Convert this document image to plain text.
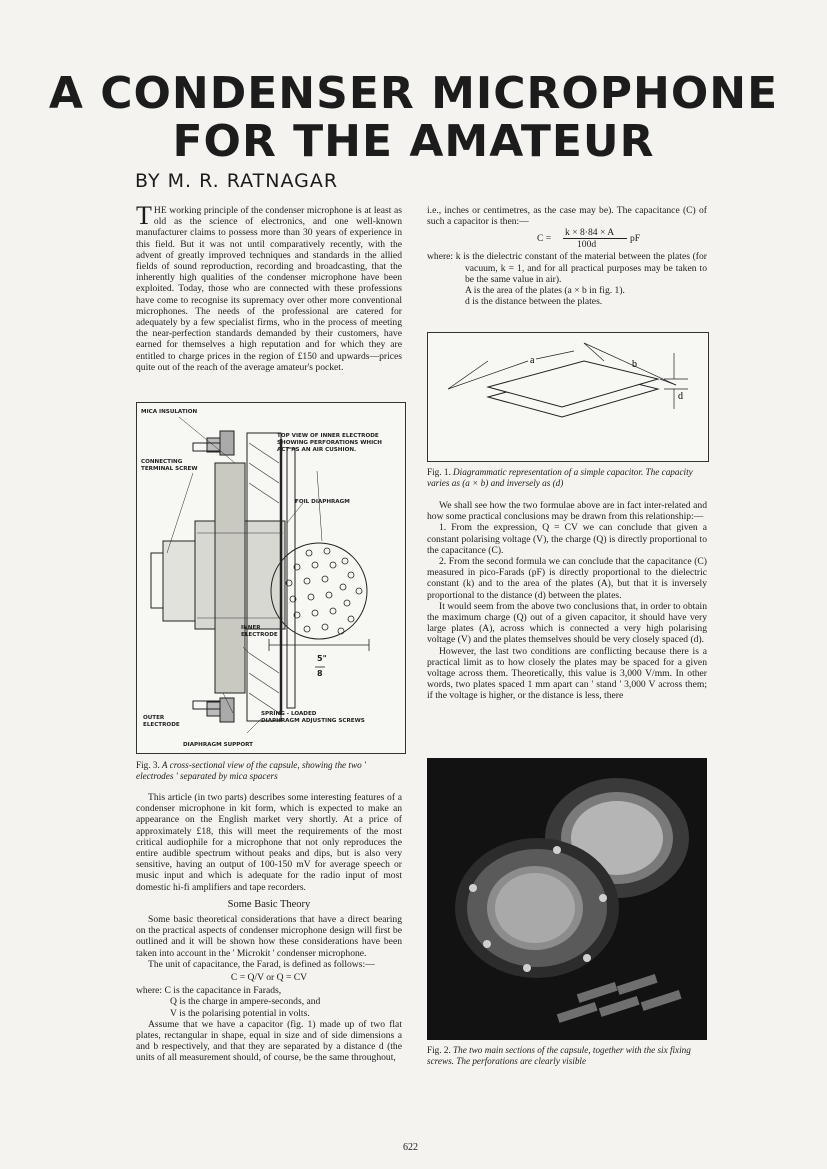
A CONDENSER MICROPHONE
FOR THE AMATEUR
BY M. R. RATNAGAR

THE working principle of the condenser microphone is at least as old as the science of electronics, and one well-known manufacturer claims to possess more than 30 years of experience in this field. But it was not until comparatively recently, with the advent of greatly improved techniques and standards in the allied fields of sound reproduction, recording and broadcasting, that the inherently high qualities of the condenser microphone have been exploited. Today, those who are connected with these professions have come to recognise its supremacy over other more conventional microphones. The needs of the professional are catered for adequately by a few specialist firms, who in the process of meeting the near-perfection standards demanded by their customers, have earned for themselves a high reputation and for which they are entitled to charge prices in the region of £150 and upwards—prices quite out of the reach of the average amateur's pocket.

MICA INSULATION
CONNECTING
TERMINAL SCREW
TOP VIEW OF INNER ELECTRODE
SHOWING PERFORATIONS WHICH
ACT AS AN AIR CUSHION.
FOIL DIAPHRAGM
INNER
ELECTRODE
OUTER
ELECTRODE
SPRING - LOADED
DIAPHRAGM ADJUSTING SCREWS
DIAPHRAGM SUPPORT
5"
8
Fig. 3. A cross-sectional view of the capsule, showing the two ' electrodes ' separated by mica spacers

This article (in two parts) describes some interesting features of a condenser microphone in kit form, which is expected to make an appearance on the English market very shortly. At a price of approximately £18, this will meet the requirements of the most critical audiophile for a microphone that not only reproduces the entire audible spectrum without peaks and dips, but is also very sensitive, having an output of 100-150 mV for average speech or music input and which is adequate for the radio input of most domestic hi-fi amplifiers and tape recorders.

Some Basic Theory

Some basic theoretical considerations that have a direct bearing on the practical aspects of condenser microphone design will first be outlined and it will be shown how these considerations have been taken into account in the ' Microkit ' condenser microphone.

The unit of capacitance, the Farad, is defined as follows:—

C = Q/V or Q = CV
where: C is the capacitance in Farads,
Q is the charge in ampere-seconds, and
V is the polarising potential in volts.

Assume that we have a capacitor (fig. 1) made up of two flat plates, rectangular in shape, equal in size and of side dimensions a and b respectively, and that they are separated by a distance d (the units of all measurement should, of course, be the same throughout,

i.e., inches or centimetres, as the case may be). The capacitance (C) of such a capacitor is then:—

C =
k × 8·84 × A
100d
pF
where: k is the dielectric constant of the material between the plates (for vacuum, k = 1, and for all practical purposes may be taken to be the same value in air).
A is the area of the plates (a × b in fig. 1).
d is the distance between the plates.
a	b
d
Fig. 1. Diagrammatic representation of a simple capacitor. The capacity varies as (a × b) and inversely as (d)

We shall see how the two formulae above are in fact inter-related and how some practical conclusions may be drawn from this relationship:—

1. From the expression, Q = CV we can conclude that given a constant polarising voltage (V), the charge (Q) is directly proportional to the capacitance (C).

2. From the second formula we can conclude that the capacitance (C) measured in pico-Farads (pF) is directly proportional to the dielectric constant (k) and to the area of the plates (A), but that it is inversely proportional to the distance (d) between the plates.

It would seem from the above two conclusions that, in order to obtain the maximum charge (Q) out of a given capacitor, it should have very large plates (A), across which is connected a very high polarising voltage (V) and the plates themselves should be very closely spaced (d).

However, the last two conditions are conflicting because there is a practical limit as to how closely the plates may be spaced for a given voltage across them. Theoretically, this value is 3,000 V/mm. In other words, two plates spaced 1 mm apart can ' stand ' 3,000 V across them; if the voltage is higher, or the distance is less, there

Fig. 2. The two main sections of the capsule, together with the six fixing screws. The perforations are clearly visible
622
